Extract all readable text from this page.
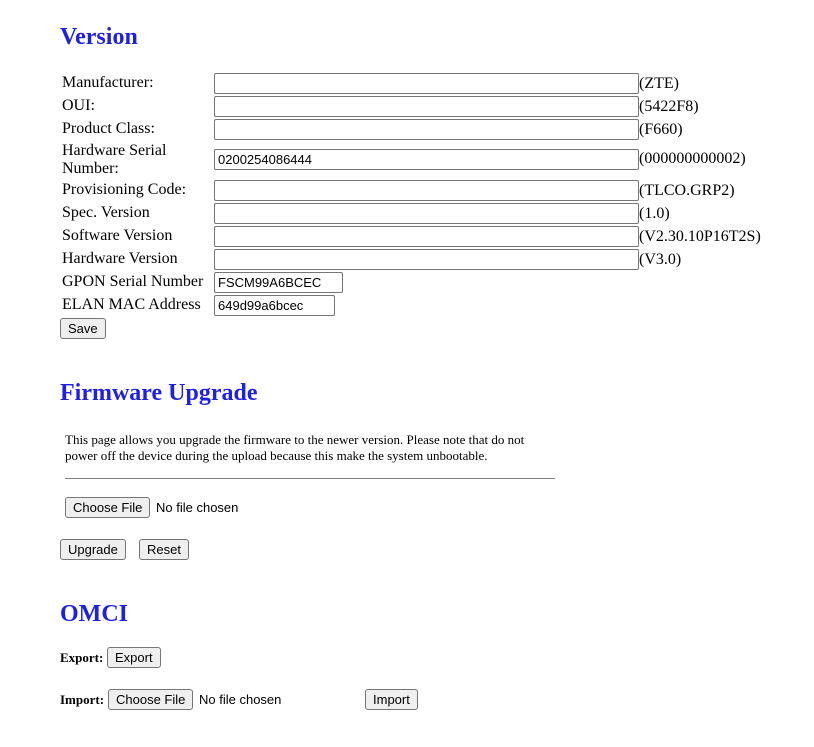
Version
Manufacturer:	(ZTE)
OUI:	(5422F8)
Product Class:	(F660)
Hardware Serial Number:
0200254086444	(000000000002)
Provisioning Code:	(TLCO.GRP2)
Spec. Version	(1.0)
Software Version	(V2.30.10P16T2S)
Hardware Version	(V3.0)
GPON Serial Number	FSCM99A6BCEC
ELAN MAC Address	649d99a6bcec
Save
Firmware Upgrade
This page allows you upgrade the firmware to the newer version. Please note that do not power off the device during the upload because this make the system unbootable.
Choose File	No file chosen
Upgrade	Reset
OMCI
Export: Export
Import: Choose File	No file chosen	Import
